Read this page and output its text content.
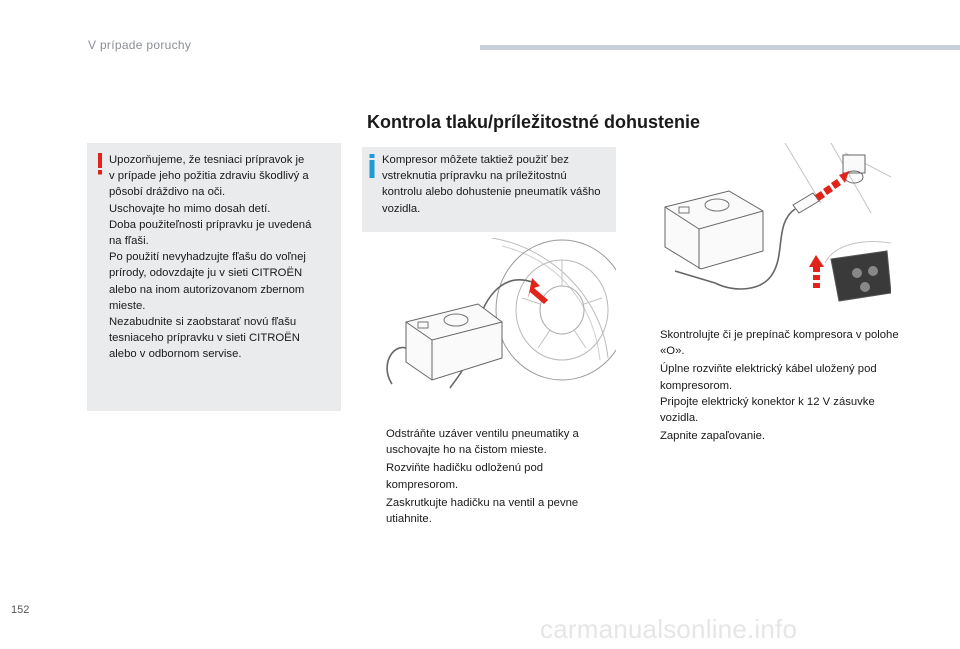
V prípade poruchy
Kontrola tlaku/príležitostné dohustenie
Upozorňujeme, že tesniaci prípravok je
v prípade jeho požitia zdraviu škodlivý a
pôsobí dráždivo na oči.
Uschovajte ho mimo dosah detí.
Doba použiteľnosti prípravku je uvedená
na fľaši.
Po použití nevyhadzujte fľašu do voľnej
prírody, odovzdajte ju v sieti CITROËN
alebo na inom autorizovanom zbernom
mieste.
Nezabudnite si zaobstarať novú fľašu
tesniaceho prípravku v sieti CITROËN
alebo v odbornom servise.
Kompresor môžete taktiež použiť bez vstreknutia prípravku na príležitostnú kontrolu alebo dohustenie pneumatík vášho vozidla.
Odstráňte uzáver ventilu pneumatiky a uschovajte ho na čistom mieste.
Rozviňte hadičku odloženú pod kompresorom.
Zaskrutkujte hadičku na ventil a pevne utiahnite.
Skontrolujte či je prepínač kompresora v polohe «O».
Úplne rozviňte elektrický kábel uložený pod kompresorom.
Pripojte elektrický konektor k 12 V zásuvke vozidla.
Zapnite zapaľovanie.
152
carmanualsonline.info
